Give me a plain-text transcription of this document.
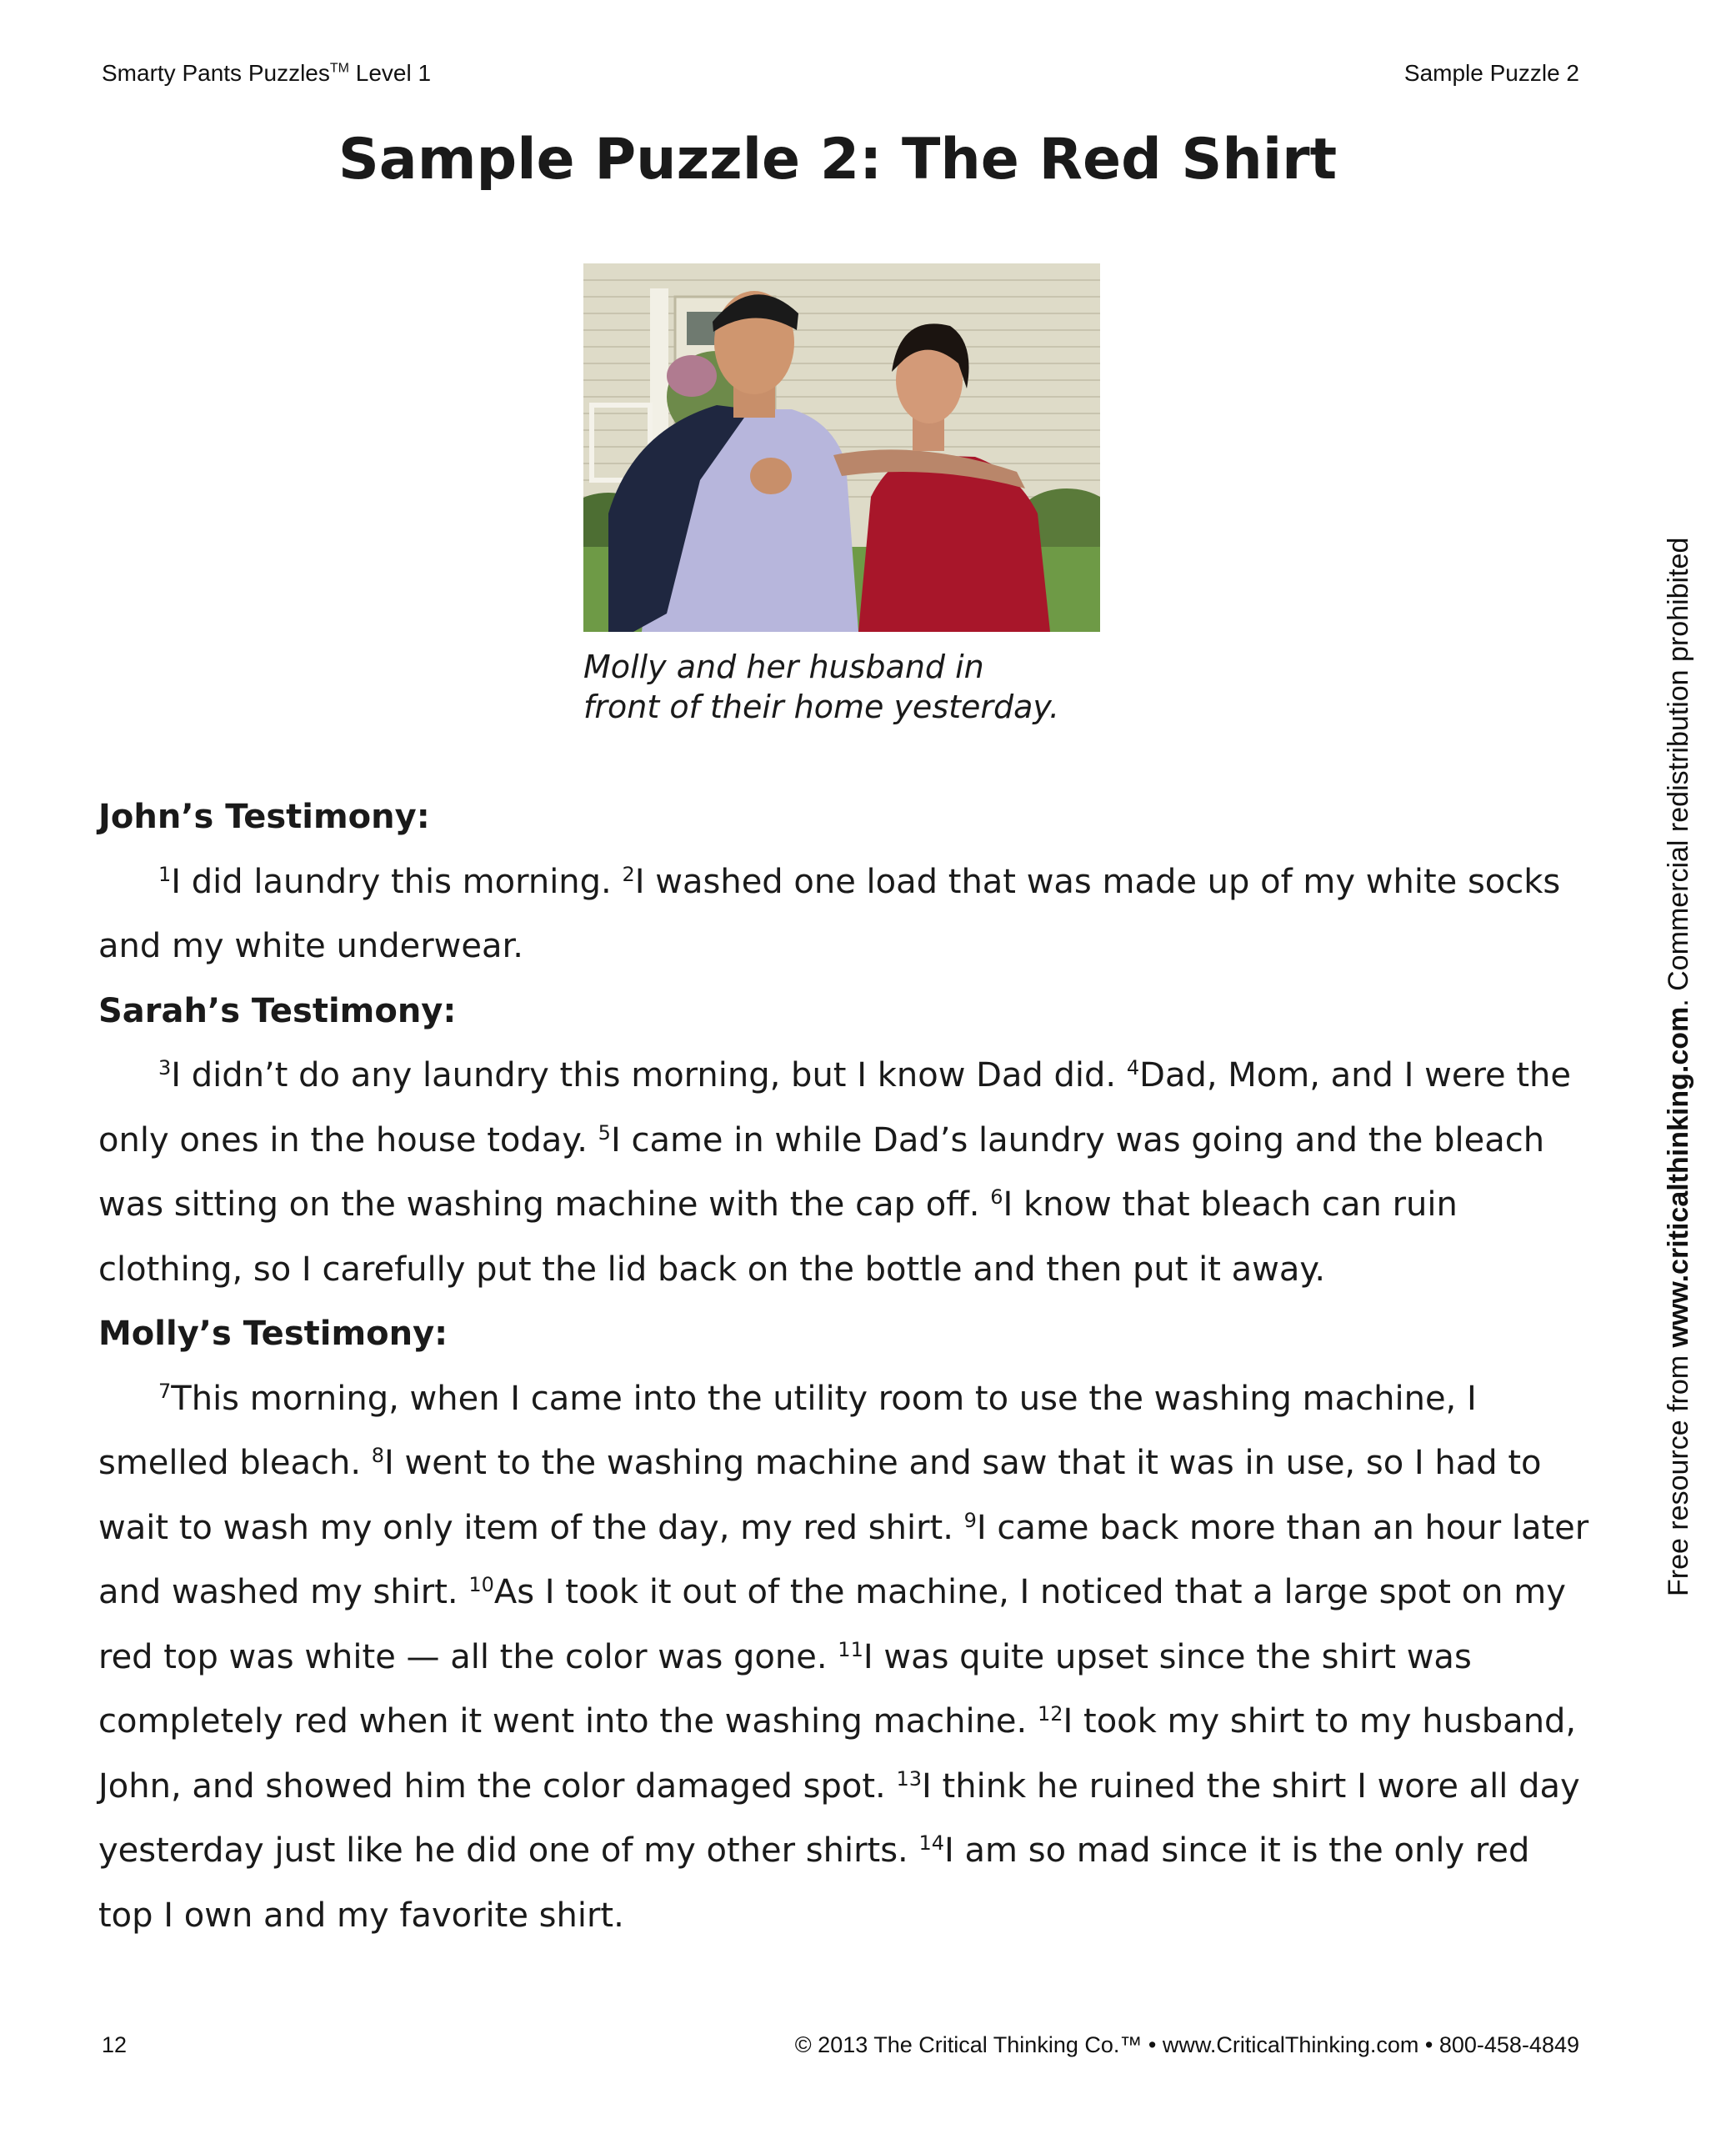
Smarty Pants Puzzles™ Level 1	Sample Puzzle 2
Sample Puzzle 2: The Red Shirt
Molly and her husband in
front of their home yesterday.
John’s Testimony:

$^1$I did laundry this morning. $^2$I washed one load that was made up of my white socks and my white underwear.

Sarah’s Testimony:

$^3$I didn’t do any laundry this morning, but I know Dad did. $^4$Dad, Mom, and I were the only ones in the house today. $^5$I came in while Dad’s laundry was going and the bleach was sitting on the washing machine with the cap off. $^6$I know that bleach can ruin clothing, so I carefully put the lid back on the bottle and then put it away.

Molly’s Testimony:

$^7$This morning, when I came into the utility room to use the washing machine, I smelled bleach. $^8$I went to the washing machine and saw that it was in use, so I had to wait to wash my only item of the day, my red shirt. $^9$I came back more than an hour later and washed my shirt. $^{10}$As I took it out of the machine, I noticed that a large spot on my red top was white — all the color was gone. $^{11}$I was quite upset since the shirt was completely red when it went into the washing machine. $^{12}$I took my shirt to my husband, John, and showed him the color damaged spot. $^{13}$I think he ruined the shirt I wore all day yesterday just like he did one of my other shirts. $^{14}$I am so mad since it is the only red top I own and my favorite shirt.

Free resource from www.criticalthinking.com. Commercial redistribution prohibited
12	© 2013 The Critical Thinking Co.™ • www.CriticalThinking.com • 800-458-4849
